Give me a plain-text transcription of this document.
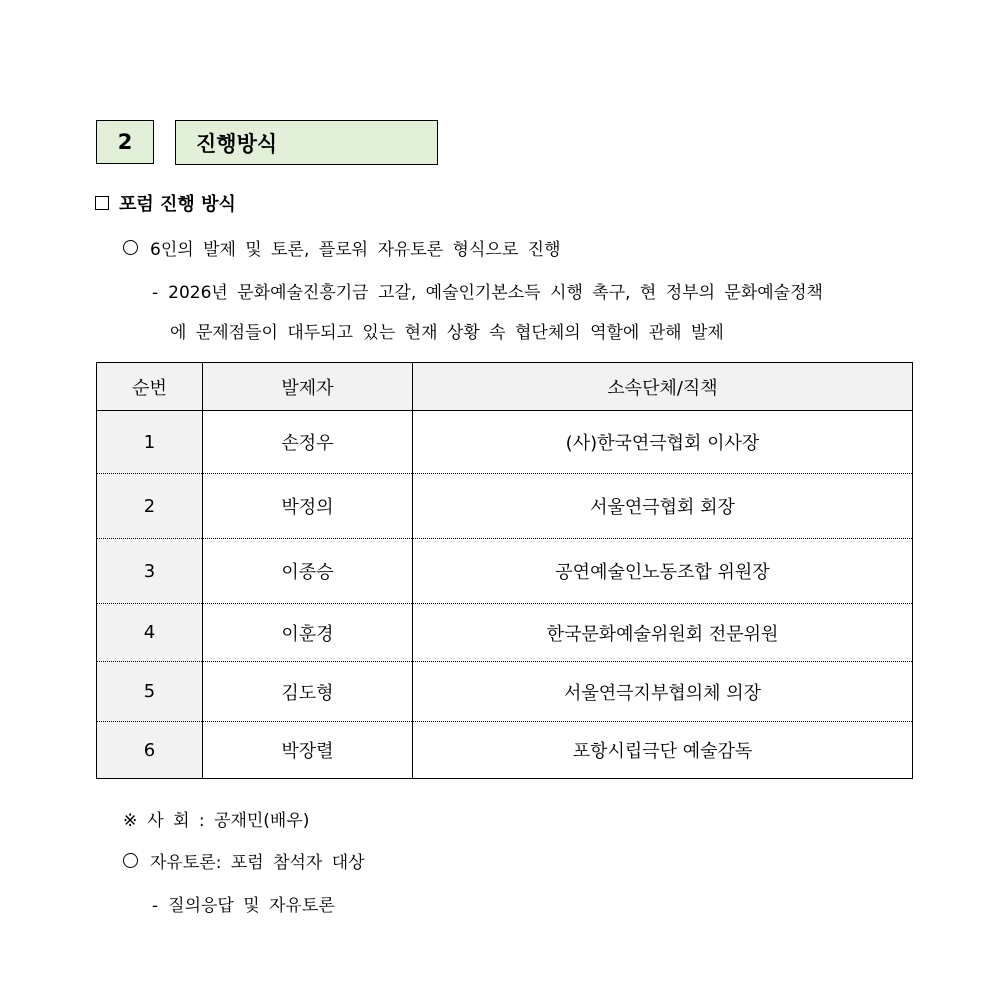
2	진행방식
포럼 진행 방식
6인의 발제 및 토론, 플로워 자유토론 형식으로 진행
- 2026년 문화예술진흥기금 고갈, 예술인기본소득 시행 촉구, 현 정부의 문화예술정책
에 문제점들이 대두되고 있는 현재 상황 속 협단체의 역할에 관해 발제
순번	발제자	소속단체/직책
1	손정우	(사)한국연극협회 이사장
2	박정의	서울연극협회 회장
3	이종승	공연예술인노동조합 위원장
4	이훈경	한국문화예술위원회 전문위원
5	김도형	서울연극지부협의체 의장
6	박장렬	포항시립극단 예술감독
※ 사 회 : 공재민(배우)
자유토론: 포럼 참석자 대상
- 질의응답 및 자유토론
